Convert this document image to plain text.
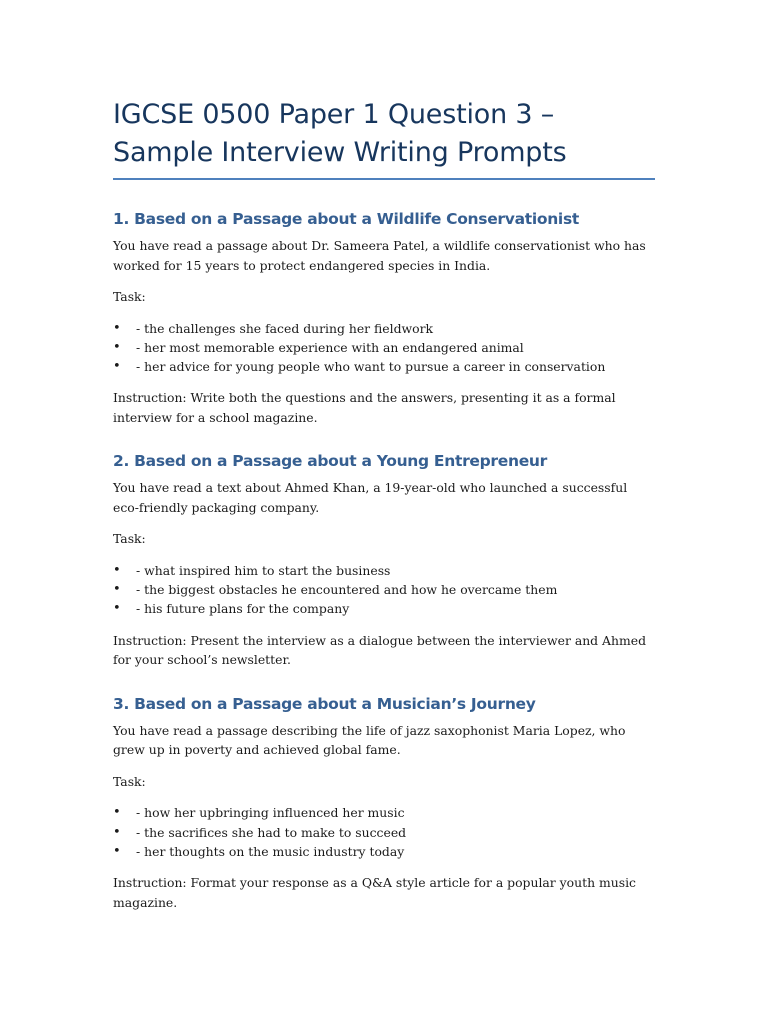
IGCSE 0500 Paper 1 Question 3 – Sample Interview Writing Prompts
1. Based on a Passage about a Wildlife Conservationist

You have read a passage about Dr. Sameera Patel, a wildlife conservationist who has worked for 15 years to protect endangered species in India.

Task:

• - the challenges she faced during her fieldwork
• - her most memorable experience with an endangered animal
• - her advice for young people who want to pursue a career in conservation

Instruction: Write both the questions and the answers, presenting it as a formal interview for a school magazine.

2. Based on a Passage about a Young Entrepreneur

You have read a text about Ahmed Khan, a 19-year-old who launched a successful eco-friendly packaging company.

Task:

• - what inspired him to start the business
• - the biggest obstacles he encountered and how he overcame them
• - his future plans for the company

Instruction: Present the interview as a dialogue between the interviewer and Ahmed for your school’s newsletter.

3. Based on a Passage about a Musician’s Journey

You have read a passage describing the life of jazz saxophonist Maria Lopez, who grew up in poverty and achieved global fame.

Task:

• - how her upbringing influenced her music
• - the sacrifices she had to make to succeed
• - her thoughts on the music industry today

Instruction: Format your response as a Q&A style article for a popular youth music magazine.
